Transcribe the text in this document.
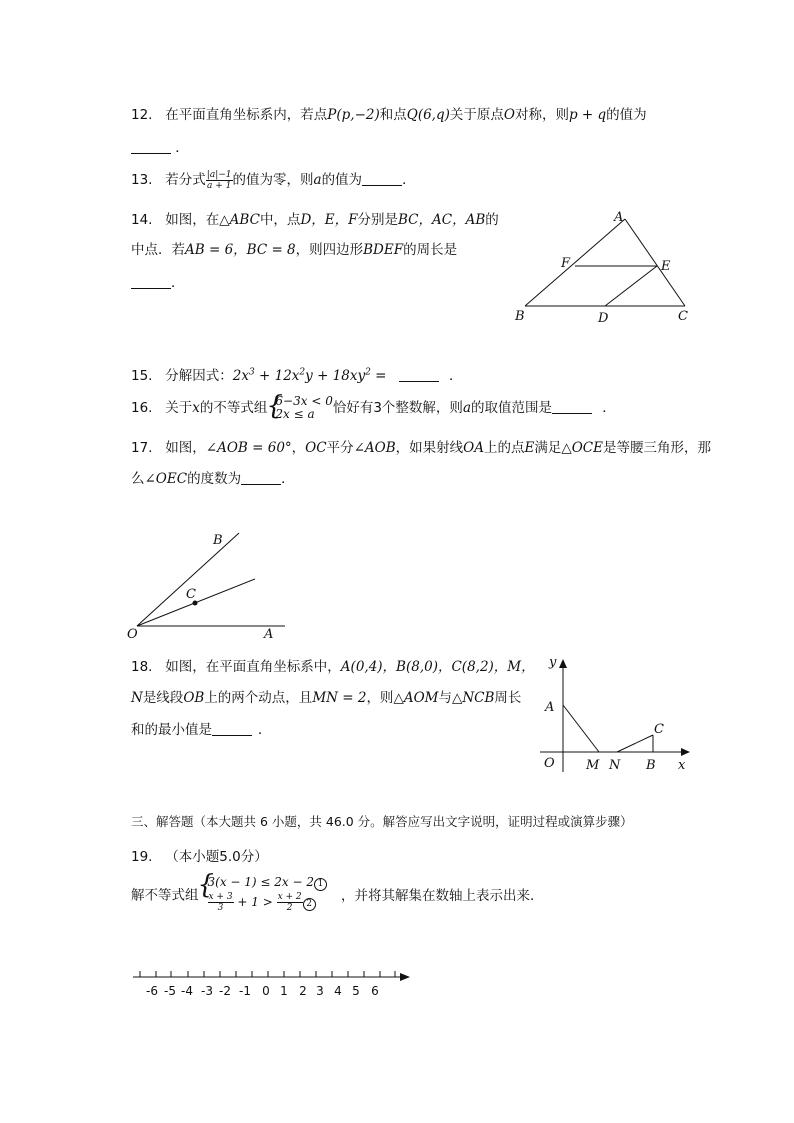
12. 在平面直角坐标系内，若点P(p,−2)和点Q(6,q)关于原点O对称，则p + q的值为
．
13. 若分式 $\frac{|a|-1}{a + 1}$ 的值为零，则a的值为	．
14. 如图，在△ABC中，点D，E，F分别是BC，AC，AB的
中点．若AB = 6，BC = 8，则四边形BDEF的周长是
．
A
B	C
D
E
F
15. 分解因式：$2x^3 + 12x^2y + 18xy^2$ =	．
16. 关于x的不等式组
{ 6−3x < 0
2x ≤ a	恰好有3个整数解，则a的取值范围是	．
17. 如图，∠AOB = 60°，OC平分∠AOB，如果射线OA上的点E满足△OCE是等腰三角形，那
么∠OEC的度数为	．
O	A
B
C
18. 如图，在平面直角坐标系中，A(0,4)，B(8,0)，C(8,2)，M，
N是线段OB上的两个动点，且MN = 2，则△AOM与△NCB周长
和的最小值是	．
y
x
A
O M N B
C
三、解答题（本大题共 6 小题，共 46.0 分。解答应写出文字说明，证明过程或演算步骤）
19. （本小题5.0分）
解不等式组
{ 3(x − 1) ≤ 2x − 2 1
$\frac{x + 3}{3} + 1 > \frac{x + 2}{2} 2$
，并将其解集在数轴上表示出来．
-6 -5 -4 -3 -2 -1 0 1 2 3 4 5 6
